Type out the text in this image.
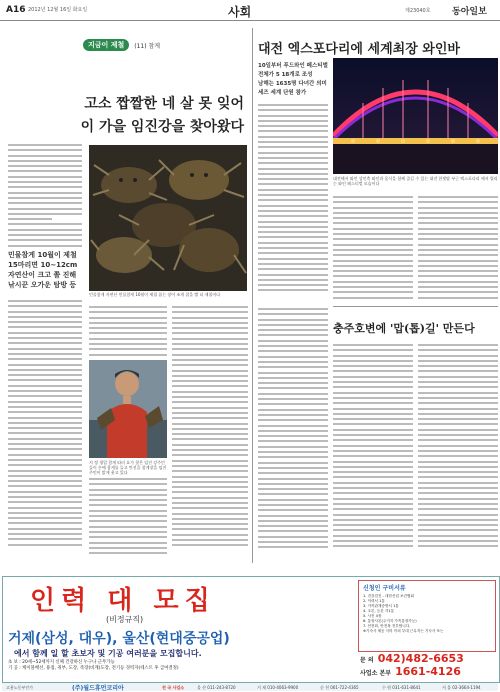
A16 2012년 12월 16일 화요일	사회	제23040호 동아일보
지금이 제철	(11) 참게
고소 짭짤한 네 살 못 잊어
이 가을 임진강을 찾아왔다
민물참게 10월이 제철
15마리면 10~12cm
자연산이 크고 쫄 진해
낚시꾼 오가운 탐방 등
민물참게 자연산 민물참게 10월이 제철 꼽는 장어 조개 잡을 빨 더 제철이다
지 정 생업 참게 따러 요가 찾은 임진 강주민들이 손에 참게를 들고 만선을 참게장을 임진 주민이 밝게 웃고 있다
대전 엑스포다리에 세계최장 와인바
10일부터 푸드와인 페스티벌
전체가 5 18개로 조성
남해는 1635명 다녀간 의미
세즈 세계 단원 참가
대전에서 와인 상인축 와인과 음식을 함께 즐길 수 있는 대전 한빛탑 부근 엑스포다리 에서 열리는 와인 페스티벌 모습이다
충주호변에 '맙(톱)길' 만든다
인력 대 모집
(비정규직)
거제(삼성, 대우), 울산(현대중공업)
에서 함께 일 할 초보자 및 기공 여러분을 모집합니다.
초 보 : 20세~52세까지 신체 건강하신 누구나 근무가능
기 공 : 케이블배선, 용접, 취부, 도장, 족장(비계)도장, 전기등 경력자(테스트 후 급여결정)
신청인 구비서류
1. 건강검진 - 대한산업 보건협회
2. 이력서 1통
3. 가족관계증명서 1통
4. 초본, 등본 각1통
5. 사진 4장
6. 통장사본(주거지 가족통장가능)
7. 안전화, 안전복 전부합니다.
※기숙사 제공 식비 이외 부대 근무자는 기숙사 또는
문 의 042)482-6653
사업소 본부 1661-4126
고용노동부인가	(주)월드휴먼코리아	전 국 사업소	울 산 011-243-8720	거 제 010-4063-9900	순 천 061-722-4365	수 원 031-631-8641	서 울 02-3664-1194
